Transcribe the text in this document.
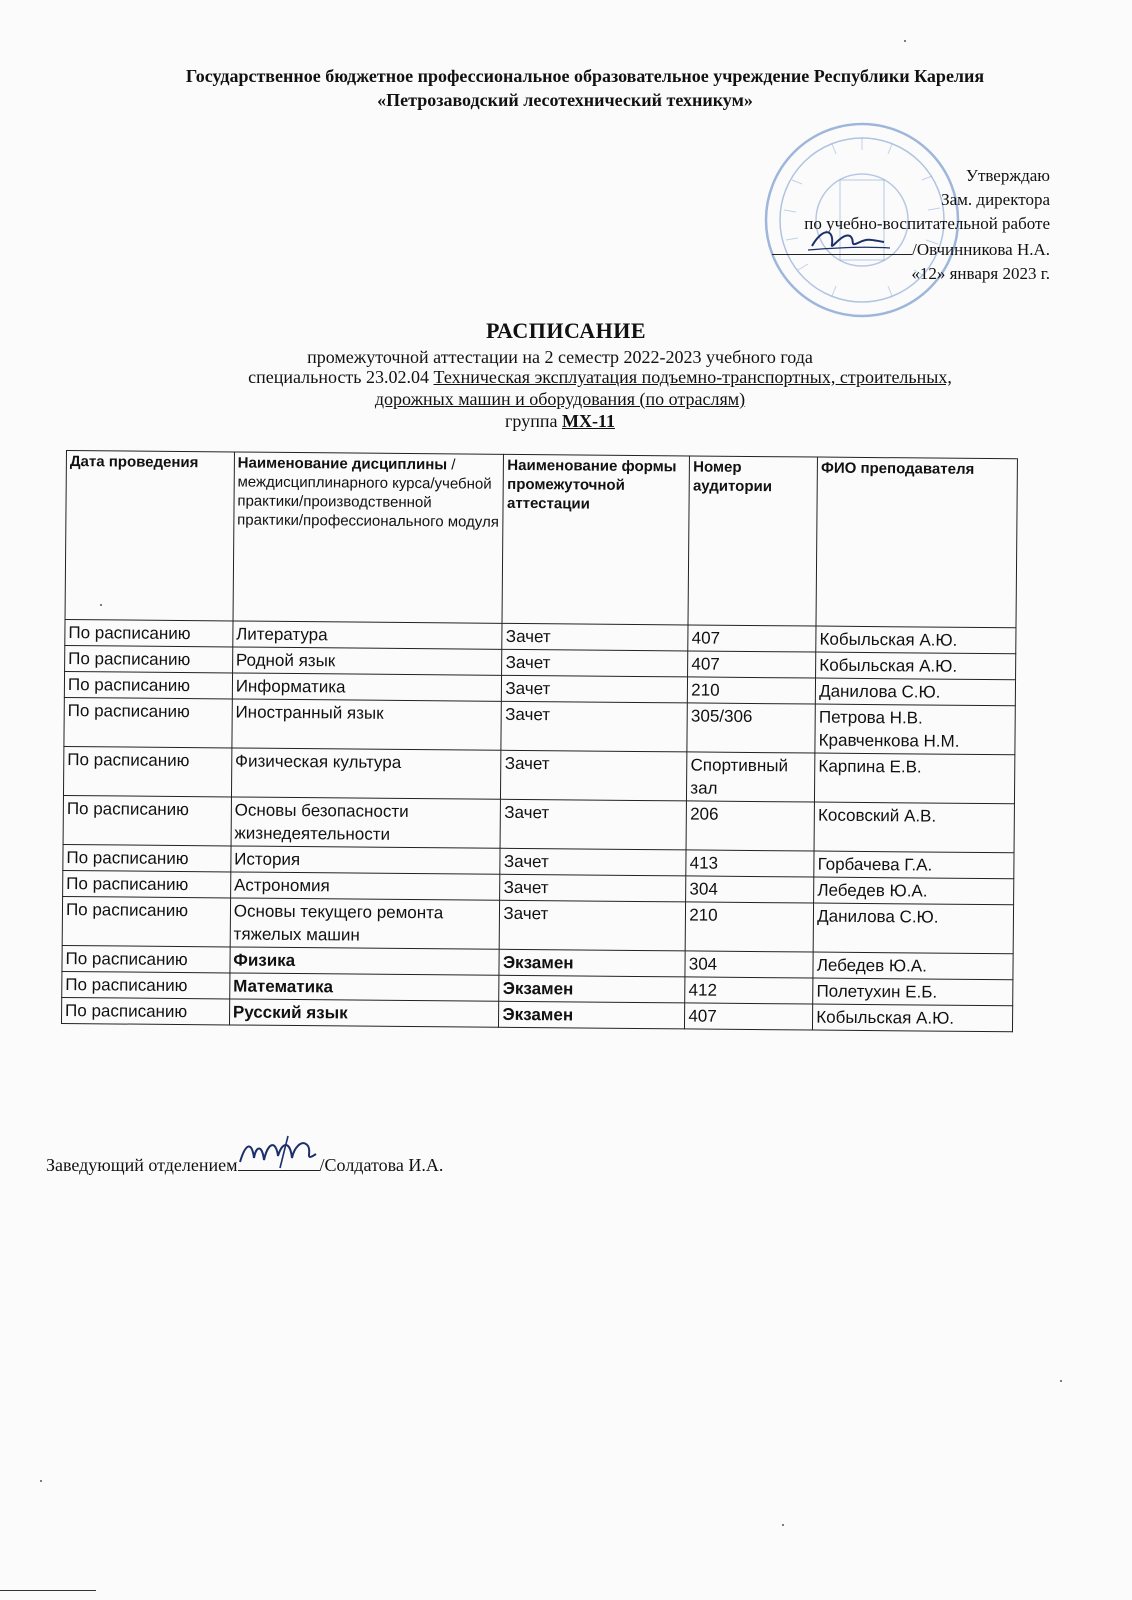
Государственное бюджетное профессиональное образовательное учреждение Республики Карелия
«Петрозаводский лесотехнический техникум»
Утверждаю
Зам. директора
по учебно-воспитательной работе
/Овчинникова Н.А.
«12» января 2023 г.
РАСПИСАНИЕ
промежуточной аттестации на 2 семестр 2022-2023 учебного года
специальность 23.02.04 Техническая эксплуатация подъемно-транспортных, строительных,
дорожных машин и оборудования (по отраслям)
группа МХ-11
Дата проведения	Наименование дисциплины /междисциплинарного курса/учебной практики/производственной практики/профессионального модуля	Наименование формы промежуточной аттестации	Номер аудитории	ФИО преподавателя
По расписанию	Литература	Зачет	407	Кобыльская А.Ю.
По расписанию	Родной язык	Зачет	407	Кобыльская А.Ю.
По расписанию	Информатика	Зачет	210	Данилова С.Ю.
По расписанию	Иностранный язык	Зачет	305/306	Петрова Н.В. Кравченкова Н.М.
По расписанию	Физическая культура	Зачет	Спортивный зал	Карпина Е.В.
По расписанию	Основы безопасности жизнедеятельности	Зачет	206	Косовский А.В.
По расписанию	История	Зачет	413	Горбачева Г.А.
По расписанию	Астрономия	Зачет	304	Лебедев Ю.А.
По расписанию	Основы текущего ремонта тяжелых машин	Зачет	210	Данилова С.Ю.
По расписанию	Физика	Экзамен	304	Лебедев Ю.А.
По расписанию	Математика	Экзамен	412	Полетухин Е.Б.
По расписанию	Русский язык	Экзамен	407	Кобыльская А.Ю.
Заведующий отделением	/Солдатова И.А.
